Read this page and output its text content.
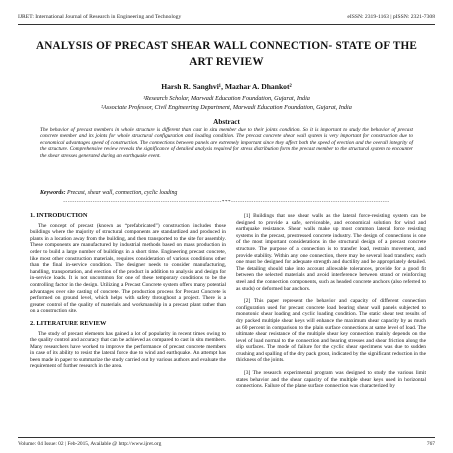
IJRET: International Journal of Research in Engineering and Technology	eISSN: 2319-1163 | pISSN: 2321-7308
ANALYSIS OF PRECAST SHEAR WALL CONNECTION- STATE OF THE ART REVIEW
Harsh R. Sanghvi¹, Mazhar A. Dhankot²
¹Research Scholar, Marwadi Education Foundation, Gujarat, India
²Associate Professor, Civil Engineering Department, Marwadi Education Foundation, Gujarat, India
Abstract
The behavior of precast members in whole structure is different than cast in situ member due to their joints condition. So it is important to study the behavior of precast concrete member and its joints for whole structural configuration and loading condition. The precast concrete shear wall system is very important for construction due to economical advantages speed of construction. The connections between panels are extremely important since they affect both the speed of erection and the overall integrity of the structure. Comprehensive review reveals the significance of detailed analysis required for stress distribution form the precast member to the structural system to encounter the shear stresses generated during an earthquake event.
Keywords: Precast, shear wall, connection, cyclic loading
----------------------------------------------------------------------***----------------------------------------------------------------------
1. INTRODUCTION

The concept of precast (known as “prefabricated”) construction includes those buildings where the majority of structural components are standardized and produced in plants in a location away from the building, and then transported to the site for assembly. These components are manufactured by industrial methods based on mass production in order to build a large number of buildings in a short time. Engineering precast concrete, like most other construction materials, requires consideration of various conditions other than the final in-service condition. The designer needs to consider manufacturing, handling, transportation, and erection of the product in addition to analysis and design for in-service loads. It is not uncommon for one of these temporary conditions to be the controlling factor in the design. Utilizing a Precast Concrete system offers many potential advantages over site casting of concrete. The production process for Precast Concrete is performed on ground level, which helps with safety throughout a project. There is a greater control of the quality of materials and workmanship in a precast plant rather than on a construction site.

2. LITERATURE REVIEW

The study of precast elements has gained a lot of popularity in recent times owing to the quality control and accuracy that can be achieved as compared to cast in situ members. Many researchers have worked to improve the performance of precast concrete members in case of its ability to resist the lateral force due to wind and earthquake. An attempt has been made in paper to summarize the study carried out by various authors and evaluate the requirement of further research in the area.

[1] Buildings that use shear walls as the lateral force-resisting system can be designed to provide a safe, serviceable, and economical solution for wind and earthquake resistance. Shear walls make up most common lateral force resisting systems in the precast, prestressed concrete industry. The design of connections is one of the most important considerations in the structural design of a precast concrete structure. The purpose of a connection is to transfer load, restrain movement, and provide stability. Within any one connection, there may be several load transfers; each one must be designed for adequate strength and ductility and be appropriately detailed. The detailing should take into account allowable tolerances, provide for a good fit between the selected materials and avoid interference between strand or reinforcing steel and the connection components, such as headed concrete anchors (also referred to as studs) or deformed bar anchors.

[2] This paper represent the behavior and capacity of different connection configuration used for precast concrete load bearing shear wall panels subjected to monotonic shear loading and cyclic loading condition. The static shear test results of dry packed multiple shear keys will enhance the maximum shear capacity by as much as 60 percent in comparison to the plain surface connections at same level of load. The ultimate shear resistance of the multiple shear key connection mainly depends on the level of load normal to the connection and bearing stresses and shear friction along the slip surfaces. The mode of failure for the cyclic shear specimens was due to sudden crushing and spalling of the dry pack grout, indicated by the significant reduction in the thickness of the joints.

[3] The research experimental program was designed to study the various limit states behavior and the shear capacity of the multiple shear keys used in horizontal connections. Failure of the plane surface connection was characterized by

Volume: 04 Issue: 02 | Feb-2015, Available @ http://www.ijret.org	767
